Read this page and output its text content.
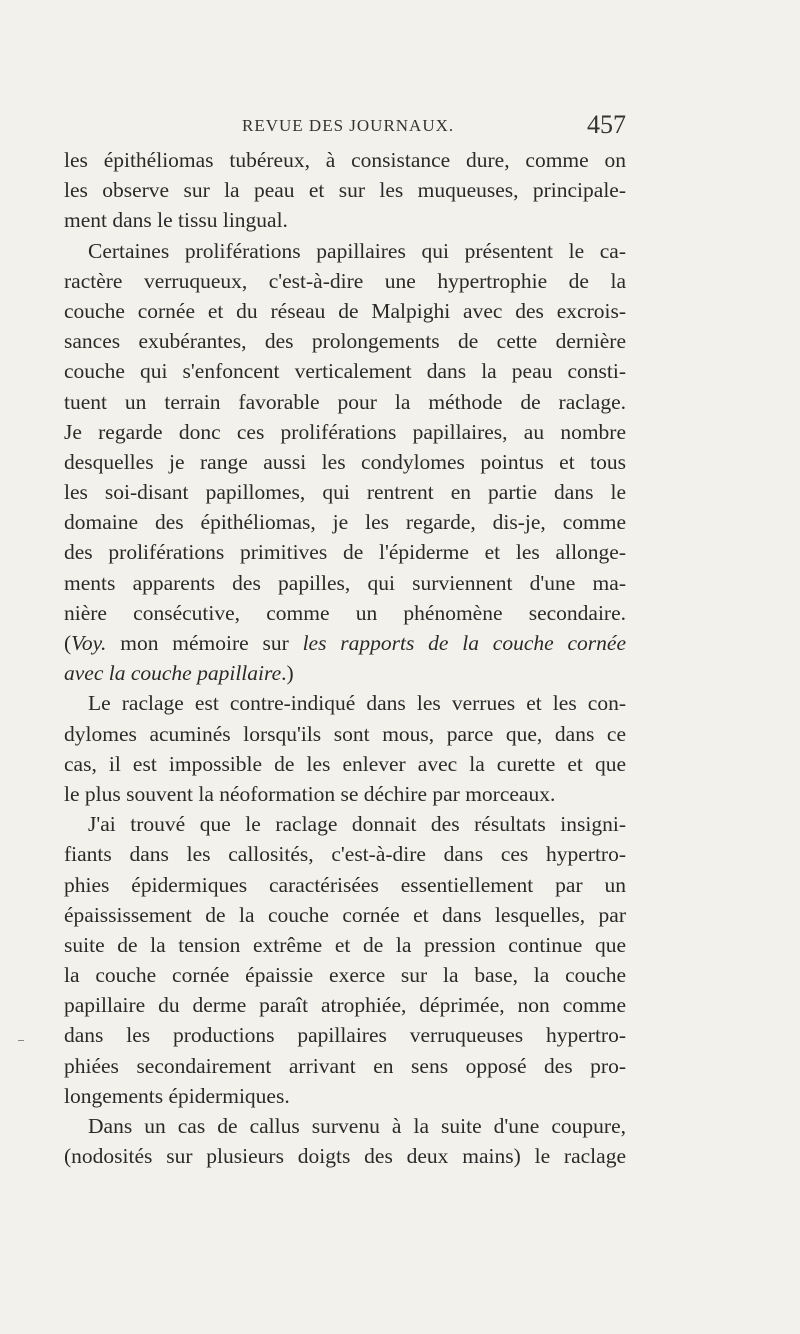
REVUE DES JOURNAUX.	457
les épithéliomas tubéreux, à consistance dure, comme on
les observe sur la peau et sur les muqueuses, principale-
ment dans le tissu lingual.
Certaines proliférations papillaires qui présentent le ca-
ractère verruqueux, c'est-à-dire une hypertrophie de la
couche cornée et du réseau de Malpighi avec des excrois-
sances exubérantes, des prolongements de cette dernière
couche qui s'enfoncent verticalement dans la peau consti-
tuent un terrain favorable pour la méthode de raclage.
Je regarde donc ces proliférations papillaires, au nombre
desquelles je range aussi les condylomes pointus et tous
les soi-disant papillomes, qui rentrent en partie dans le
domaine des épithéliomas, je les regarde, dis-je, comme
des proliférations primitives de l'épiderme et les allonge-
ments apparents des papilles, qui surviennent d'une ma-
nière consécutive, comme un phénomène secondaire.
(Voy. mon mémoire sur les rapports de la couche cornée
avec la couche papillaire.)
Le raclage est contre-indiqué dans les verrues et les con-
dylomes acuminés lorsqu'ils sont mous, parce que, dans ce
cas, il est impossible de les enlever avec la curette et que
le plus souvent la néoformation se déchire par morceaux.
J'ai trouvé que le raclage donnait des résultats insigni-
fiants dans les callosités, c'est-à-dire dans ces hypertro-
phies épidermiques caractérisées essentiellement par un
épaississement de la couche cornée et dans lesquelles, par
suite de la tension extrême et de la pression continue que
la couche cornée épaissie exerce sur la base, la couche
papillaire du derme paraît atrophiée, déprimée, non comme
dans les productions papillaires verruqueuses hypertro-
phiées secondairement arrivant en sens opposé des pro-
longements épidermiques.
Dans un cas de callus survenu à la suite d'une coupure,
(nodosités sur plusieurs doigts des deux mains) le raclage
